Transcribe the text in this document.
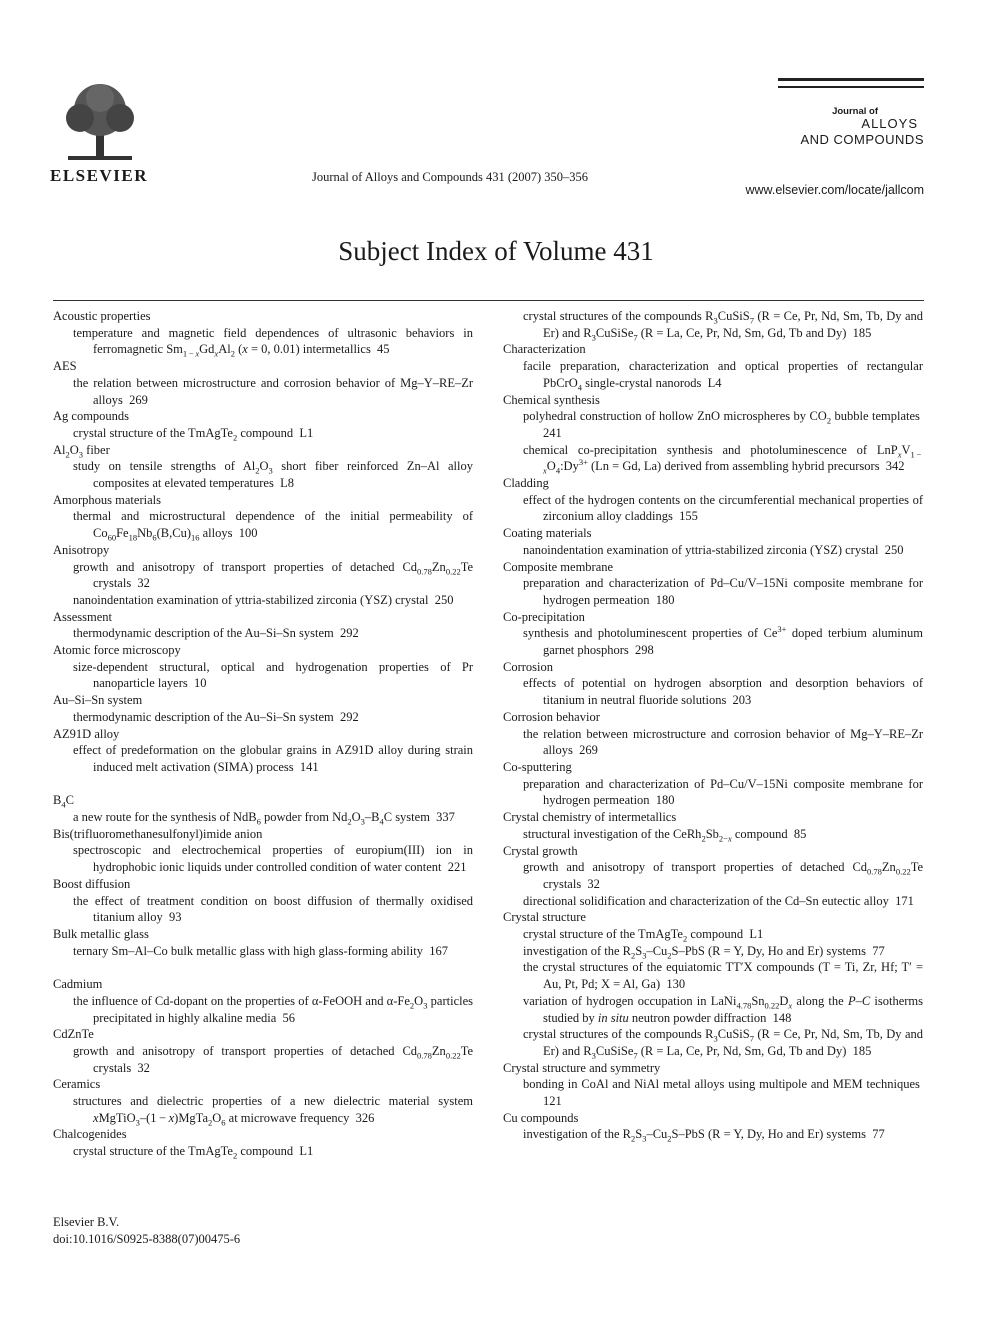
ELSEVIER	Journal of Alloys and Compounds 431 (2007) 350–356
Journal of
ALLOYS
AND COMPOUNDS
www.elsevier.com/locate/jallcom
Subject Index of Volume 431
Acoustic properties
temperature and magnetic field dependences of ultrasonic behaviors in ferromagnetic $Sm_{1 - x}Gd_xAl_2$ (x = 0, 0.01) intermetallics  45
AES
the relation between microstructure and corrosion behavior of Mg–Y–RE–Zr alloys  269
Ag compounds
crystal structure of the TmAgTe$_2$ compound  L1
$Al_2O_3$ fiber
study on tensile strengths of $Al_2O_3$ short fiber reinforced Zn–Al alloy composites at elevated temperatures  L8
Amorphous materials
thermal and microstructural dependence of the initial permeability of $Co_{60}Fe_{18}Nb_6(B,Cu)_{16}$ alloys  100
Anisotropy
growth and anisotropy of transport properties of detached $Cd_{0.78}Zn_{0.22}Te$ crystals  32
nanoindentation examination of yttria-stabilized zirconia (YSZ) crystal  250
Assessment
thermodynamic description of the Au–Si–Sn system  292
Atomic force microscopy
size-dependent structural, optical and hydrogenation properties of Pr nanoparticle layers  10
Au–Si–Sn system
thermodynamic description of the Au–Si–Sn system  292
AZ91D alloy
effect of predeformation on the globular grains in AZ91D alloy during strain induced melt activation (SIMA) process  141
$B_4C$
a new route for the synthesis of NdB$_6$ powder from $Nd_2O_3-B_4C$ system  337
Bis(trifluoromethanesulfonyl)imide anion
spectroscopic and electrochemical properties of europium(III) ion in hydrophobic ionic liquids under controlled condition of water content  221
Boost diffusion
the effect of treatment condition on boost diffusion of thermally oxidised titanium alloy  93
Bulk metallic glass
ternary Sm–Al–Co bulk metallic glass with high glass-forming ability  167
Cadmium
the influence of Cd-dopant on the properties of α-FeOOH and $\alpha-Fe_2O_3$ particles precipitated in highly alkaline media  56
CdZnTe
growth and anisotropy of transport properties of detached $Cd_{0.78}Zn_{0.22}Te$ crystals  32
Ceramics
structures and dielectric properties of a new dielectric material system xMgTiO$_3$–(1 − $x)MgTa_2O_6$ at microwave frequency  326
Chalcogenides
crystal structure of the TmAgTe$_2$ compound  L1
crystal structures of the compounds $R_3CuSiS_7$ (R = Ce, Pr, Nd, Sm, Tb, Dy and Er) and $R_3CuSiSe_7$ (R = La, Ce, Pr, Nd, Sm, Gd, Tb and Dy)  185
Characterization
facile preparation, characterization and optical properties of rectangular PbCrO$_4$ single-crystal nanorods  L4
Chemical synthesis
polyhedral construction of hollow ZnO microspheres by $CO_2$ bubble templates  241
chemical co-precipitation synthesis and photoluminescence of $LnP_xV_{1 - x}O_4:Dy^{3+}$ (Ln = Gd, La) derived from assembling hybrid precursors  342
Cladding
effect of the hydrogen contents on the circumferential mechanical properties of zirconium alloy claddings  155
Coating materials
nanoindentation examination of yttria-stabilized zirconia (YSZ) crystal  250
Composite membrane
preparation and characterization of Pd–Cu/V–15Ni composite membrane for hydrogen permeation  180
Co-precipitation
synthesis and photoluminescent properties of $Ce^{3+}$ doped terbium aluminum garnet phosphors  298
Corrosion
effects of potential on hydrogen absorption and desorption behaviors of titanium in neutral fluoride solutions  203
Corrosion behavior
the relation between microstructure and corrosion behavior of Mg–Y–RE–Zr alloys  269
Co-sputtering
preparation and characterization of Pd–Cu/V–15Ni composite membrane for hydrogen permeation  180
Crystal chemistry of intermetallics
structural investigation of the $CeRh_2Sb_{2-x}$ compound  85
Crystal growth
growth and anisotropy of transport properties of detached $Cd_{0.78}Zn_{0.22}Te$ crystals  32
directional solidification and characterization of the Cd–Sn eutectic alloy  171
Crystal structure
crystal structure of the TmAgTe$_2$ compound  L1
investigation of the $R_2S_3-Cu_2S$–PbS (R = Y, Dy, Ho and Er) systems  77
the crystal structures of the equiatomic TT′X compounds (T = Ti, Zr, Hf; T′ = Au, Pt, Pd; X = Al, Ga)  130
variation of hydrogen occupation in $LaNi_{4.78}Sn_{0.22}D_x$ along the P–C isotherms studied by in situ neutron powder diffraction  148
crystal structures of the compounds $R_3CuSiS_7$ (R = Ce, Pr, Nd, Sm, Tb, Dy and Er) and $R_3CuSiSe_7$ (R = La, Ce, Pr, Nd, Sm, Gd, Tb and Dy)  185
Crystal structure and symmetry
bonding in CoAl and NiAl metal alloys using multipole and MEM techniques  121
Cu compounds
investigation of the $R_2S_3-Cu_2S$–PbS (R = Y, Dy, Ho and Er) systems  77
Elsevier B.V.
doi:10.1016/S0925-8388(07)00475-6
